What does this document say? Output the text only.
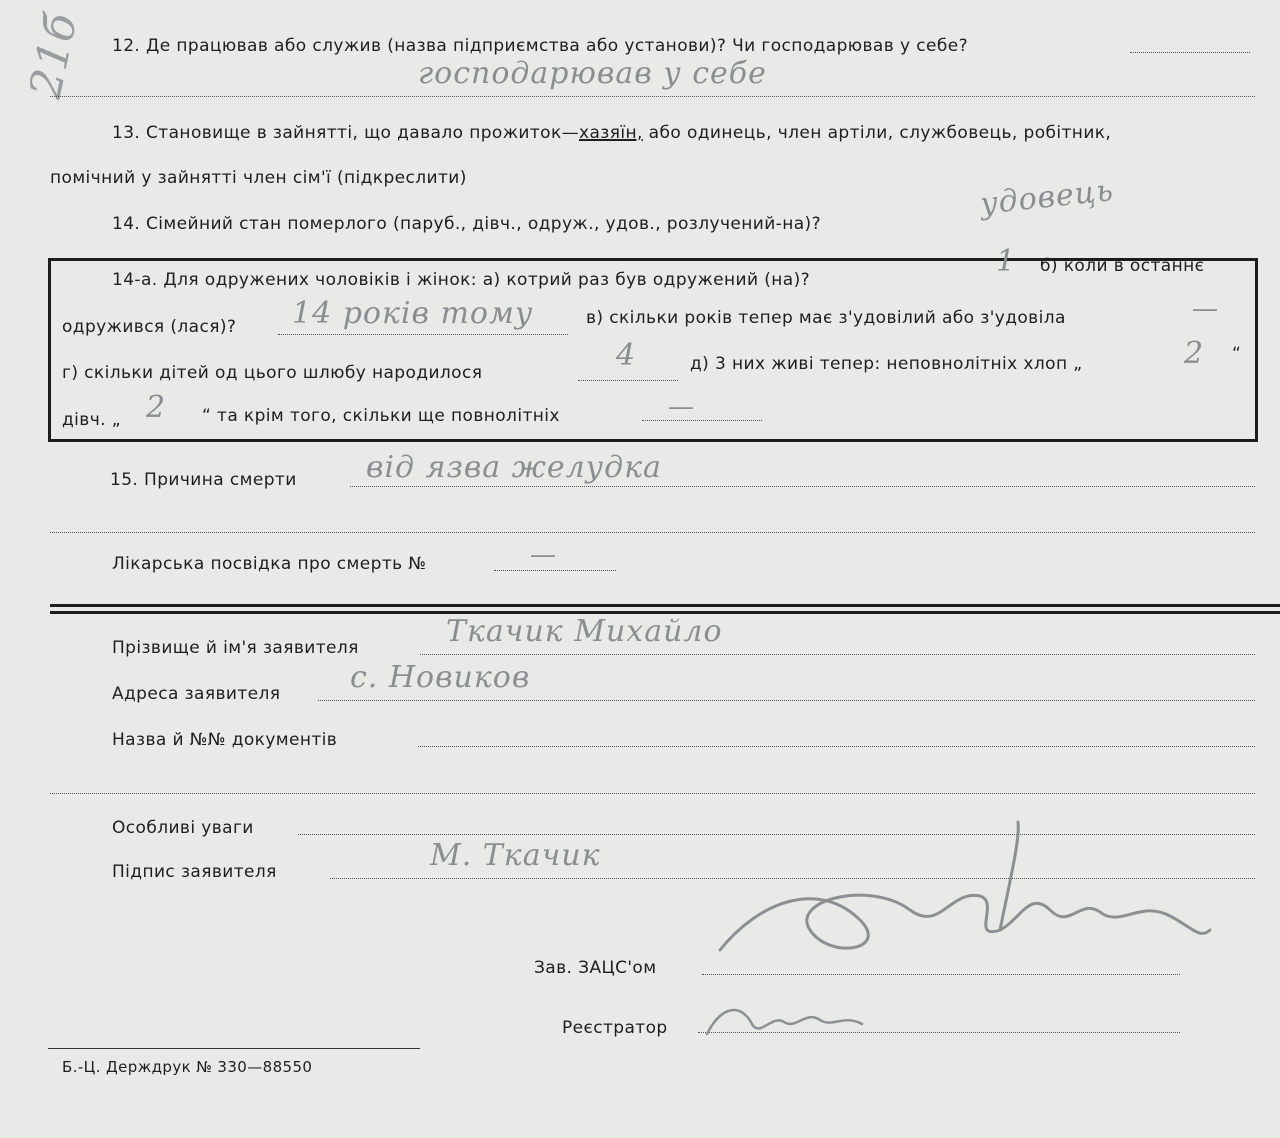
21б 12. Де працював або служив (назва підприємства або установи)? Чи господарював у себе?
господарював у себе
13. Становище в зайнятті, що давало прожиток—хазяїн, або одинець, член артіли, службовець, робітник,
помічний у зайнятті член сім'ї (підкреслити)
14. Сімейний стан померлого (паруб., дівч., одруж., удов., розлучений-на)?
удовець
14-а. Для одружених чоловіків і жінок: а) котрий раз був одружений (на)?
1 б) коли в останнє
одружився (лася)? 14 років тому	в) скільки років тепер має з'удовілий або з'удовіла	—
г) скільки дітей од цього шлюбу народилося	4	д) 3 них живі тепер: неповнолітніх хлоп „	2 “
дівч. „ 2 “ та крім того, скільки ще повнолітніх	—
15. Причина смерти від язва желудка
Лікарська посвідка про смерть №	—
Прізвище й ім'я заявителя	Ткачик Михайло
Адреса заявителя с. Новиков
Назва й №№ документів
Особливі уваги
Підпис заявителя	М. Ткачик
Зав. ЗАЦС'ом
Реєстратор
Б.-Ц. Держдрук № 330—88550
